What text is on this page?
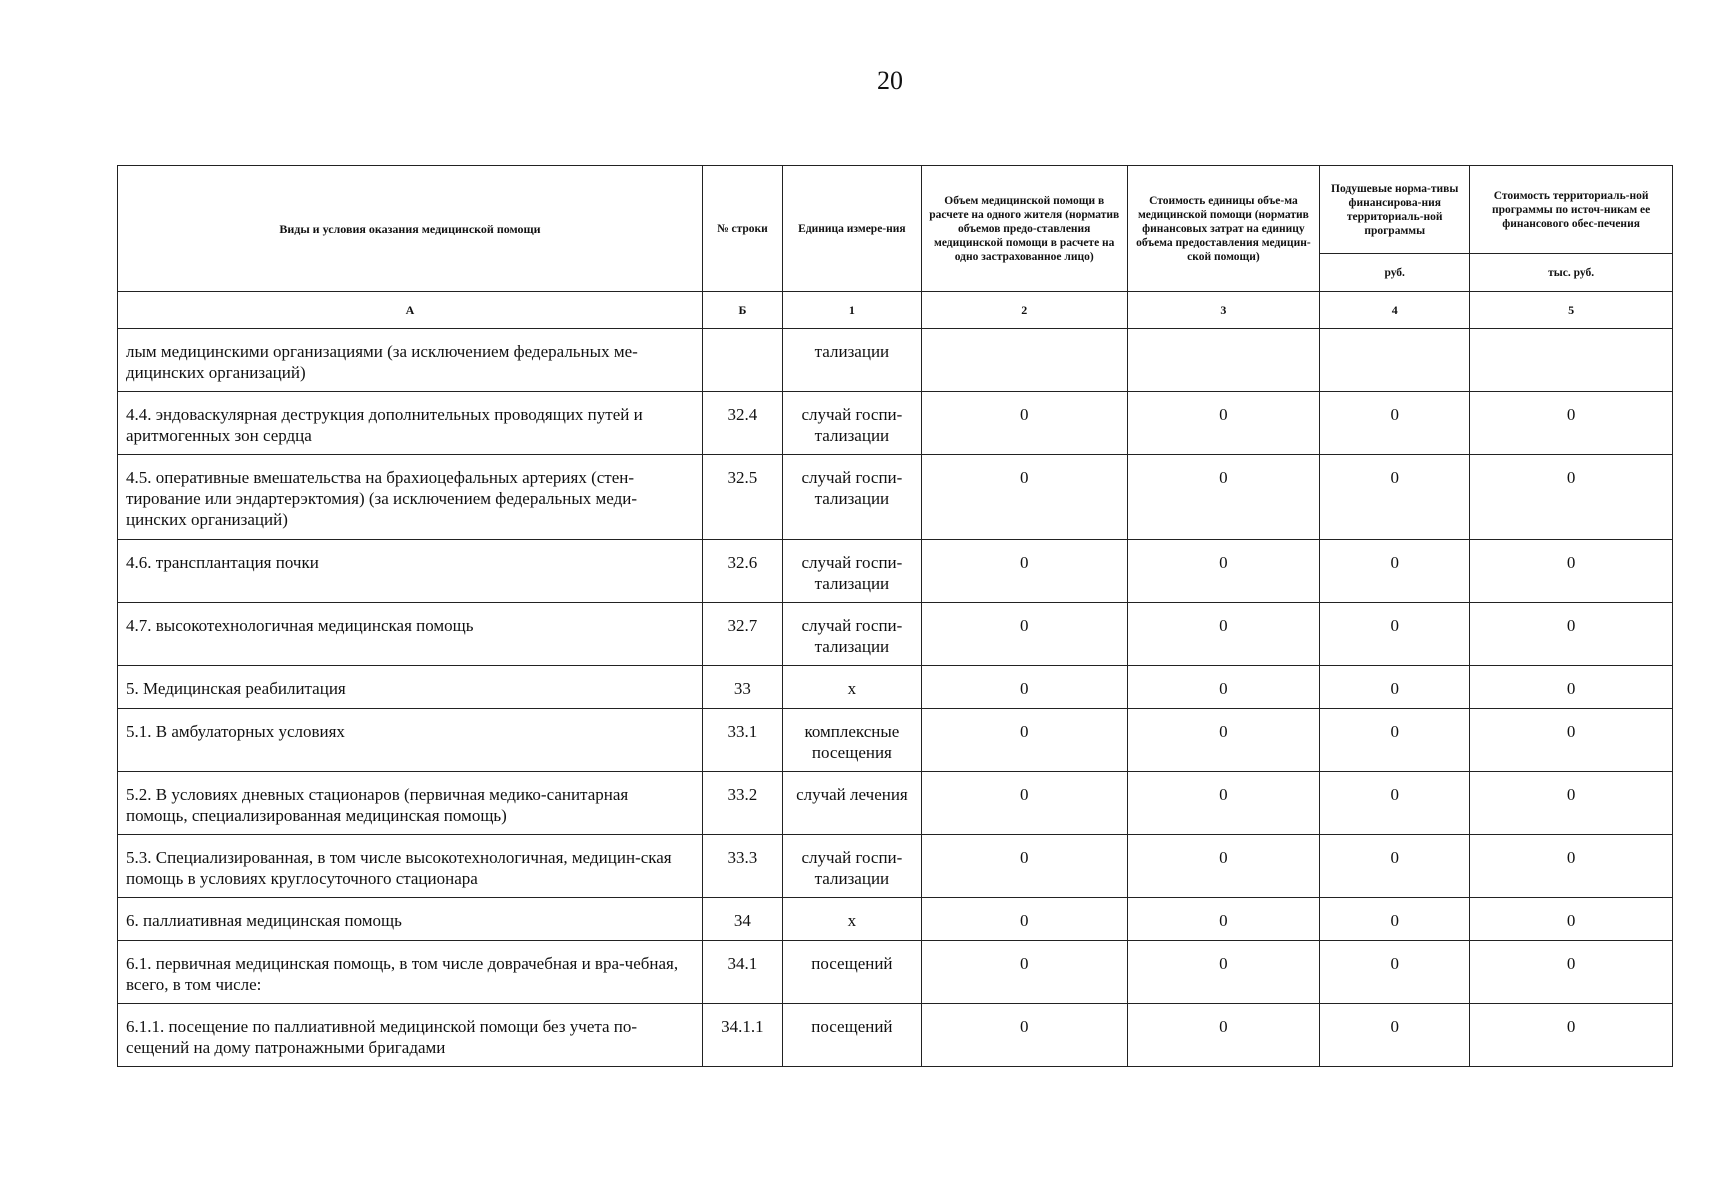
20
Виды и условия оказания медицинской помощи	№ строки	Единица измере-ния	Объем медицинской помощи в расчете на одного жителя (норматив объемов предо-ставления медицинской помощи в расчете на одно застрахованное лицо)	Стоимость единицы объе-ма медицинской помощи (норматив финансовых затрат на единицу объема предоставления медицин-ской помощи)	Подушевые норма-тивы финансирова-ния территориаль-ной программы	Стоимость территориаль-ной программы по источ-никам ее финансового обес-печения
					руб.	тыс. руб.
А	Б	1	2	3	4	5
лым медицинскими организациями (за исключением федеральных ме-дицинских организаций)		тализации				
4.4. эндоваскулярная деструкция дополнительных проводящих путей и аритмогенных зон сердца	32.4	случай госпи-тализации	0	0	0	0
4.5. оперативные вмешательства на брахиоцефальных артериях (стен-тирование или эндартерэктомия) (за исключением федеральных меди-цинских организаций)	32.5	случай госпи-тализации	0	0	0	0
4.6. трансплантация почки	32.6	случай госпи-тализации	0	0	0	0
4.7. высокотехнологичная медицинская помощь	32.7	случай госпи-тализации	0	0	0	0
5. Медицинская реабилитация	33	х	0	0	0	0
5.1. В амбулаторных условиях	33.1	комплексные посещения	0	0	0	0
5.2. В условиях дневных стационаров (первичная медико-санитарная помощь, специализированная медицинская помощь)	33.2	случай лечения	0	0	0	0
5.3. Специализированная, в том числе высокотехнологичная, медицин-ская помощь в условиях круглосуточного стационара	33.3	случай госпи-тализации	0	0	0	0
6. паллиативная медицинская помощь	34	х	0	0	0	0
6.1. первичная медицинская помощь, в том числе доврачебная и вра-чебная, всего, в том числе:	34.1	посещений	0	0	0	0
6.1.1. посещение по паллиативной медицинской помощи без учета по-сещений на дому патронажными бригадами	34.1.1	посещений	0	0	0	0
